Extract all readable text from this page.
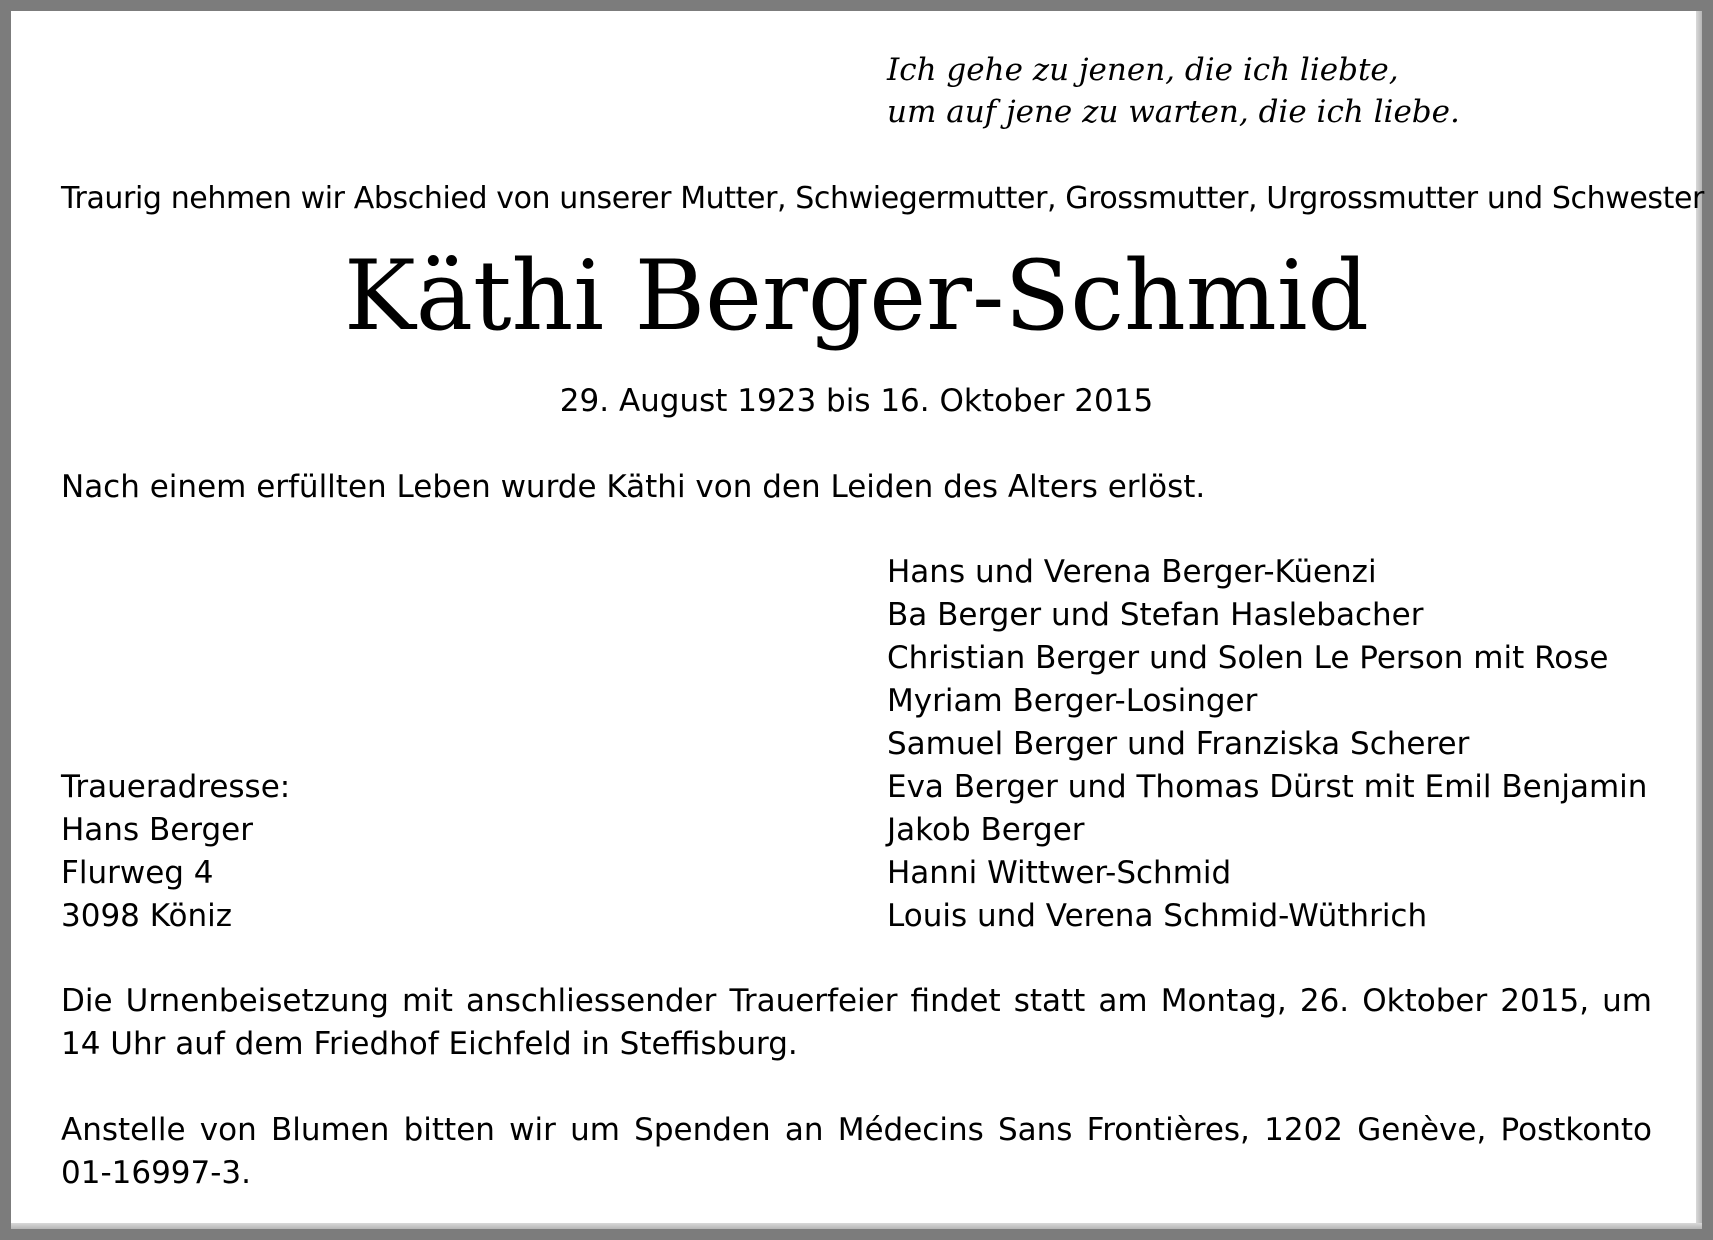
Ich gehe zu jenen, die ich liebte,
um auf jene zu warten, die ich liebe.
Traurig nehmen wir Abschied von unserer Mutter, Schwiegermutter, Grossmutter, Urgrossmutter und Schwester
Käthi Berger-Schmid
29. August 1923 bis 16. Oktober 2015
Nach einem erfüllten Leben wurde Käthi von den Leiden des Alters erlöst.
Hans und Verena Berger-Küenzi
Ba Berger und Stefan Haslebacher
Christian Berger und Solen Le Person mit Rose
Myriam Berger-Losinger
Samuel Berger und Franziska Scherer
Eva Berger und Thomas Dürst mit Emil Benjamin
Jakob Berger
Hanni Wittwer-Schmid
Louis und Verena Schmid-Wüthrich
Traueradresse:
Hans Berger
Flurweg 4
3098 Köniz
Die Urnenbeisetzung mit anschliessender Trauerfeier findet statt am Montag, 26. Oktober 2015, um 14 Uhr auf dem Friedhof Eichfeld in Steffisburg.
Anstelle von Blumen bitten wir um Spenden an Médecins Sans Frontières, 1202 Genève, Postkonto 01-16997-3.
